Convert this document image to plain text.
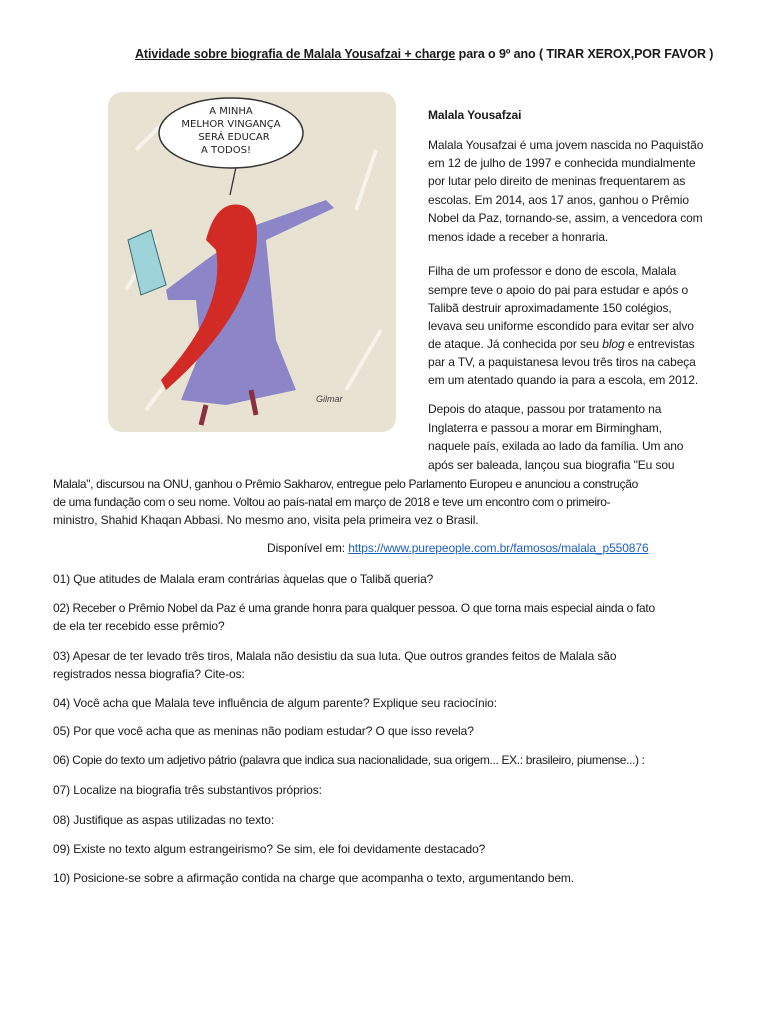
Atividade sobre biografia de Malala Yousafzai + charge para o 9º ano ( TIRAR XEROX,POR FAVOR )
A MINHA
MELHOR VINGANÇA
SERÁ EDUCAR
A TODOS!
Gilmar
Malala Yousafzai
Malala Yousafzai é uma jovem nascida no Paquistão
em 12 de julho de 1997 e conhecida mundialmente
por lutar pelo direito de meninas frequentarem as
escolas. Em 2014, aos 17 anos, ganhou o Prêmio
Nobel da Paz, tornando-se, assim, a vencedora com
menos idade a receber a honraria.
Filha de um professor e dono de escola, Malala
sempre teve o apoio do pai para estudar e após o
Talibã destruir aproximadamente 150 colégios,
levava seu uniforme escondido para evitar ser alvo
de ataque. Já conhecida por seu blog e entrevistas
par a TV, a paquistanesa levou três tiros na cabeça
em um atentado quando ia para a escola, em 2012.
Depois do ataque, passou por tratamento na
Inglaterra e passou a morar em Birmingham,
naquele país, exilada ao lado da família. Um ano
após ser baleada, lançou sua biografia "Eu sou
Malala", discursou na ONU, ganhou o Prêmio Sakharov, entregue pelo Parlamento Europeu e anunciou a construção
de uma fundação com o seu nome. Voltou ao país-natal em março de 2018 e teve um encontro com o primeiro-
ministro, Shahid Khaqan Abbasi. No mesmo ano, visita pela primeira vez o Brasil.
Disponível em: https://www.purepeople.com.br/famosos/malala_p550876
01) Que atitudes de Malala eram contrárias àquelas que o Talibã queria?
02) Receber o Prêmio Nobel da Paz é uma grande honra para qualquer pessoa. O que torna mais especial ainda o fato
de ela ter recebido esse prêmio?
03) Apesar de ter levado três tiros, Malala não desistiu da sua luta. Que outros grandes feitos de Malala são
registrados nessa biografia? Cite-os:
04) Você acha que Malala teve influência de algum parente? Explique seu raciocínio:
05) Por que você acha que as meninas não podiam estudar? O que isso revela?
06) Copie do texto um adjetivo pátrio (palavra que indica sua nacionalidade, sua origem... EX.: brasileiro, piumense...) :
07) Localize na biografia três substantivos próprios:
08) Justifique as aspas utilizadas no texto:
09) Existe no texto algum estrangeirismo? Se sim, ele foi devidamente destacado?
10) Posicione-se sobre a afirmação contida na charge que acompanha o texto, argumentando bem.
